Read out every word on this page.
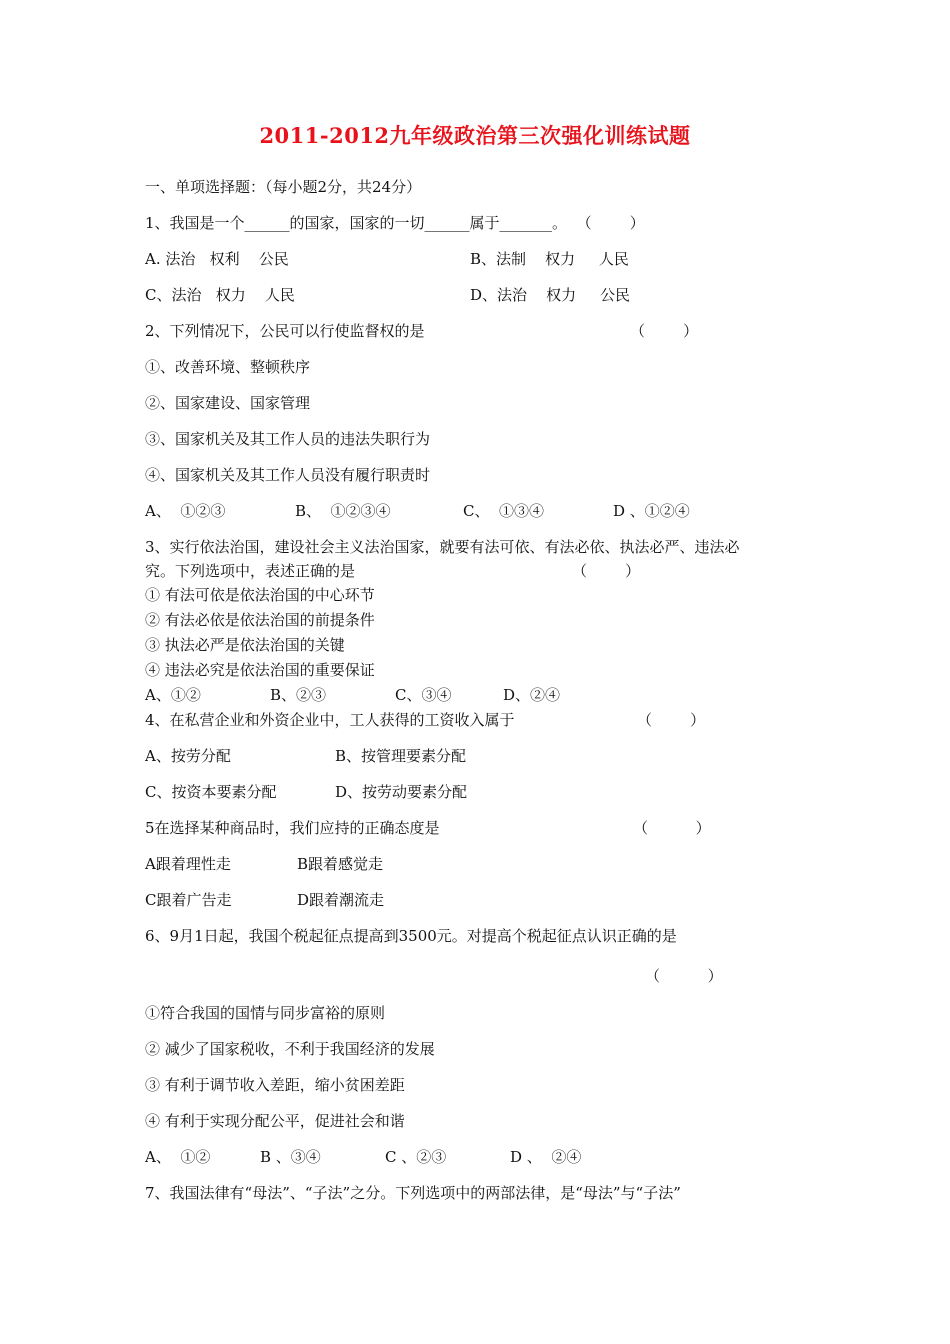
2011-2012九年级政治第三次强化训练试题
一、单项选择题：（每小题2分，共24分）
1、我国是一个______的国家，国家的一切______属于_______。  （        ）
A. 法治   权利    公民	B、法制    权力     人民
C、法治   权力    人民	D、法治    权力     公民
2、下列情况下，公民可以行使监督权的是	（        ）
①、改善环境、整顿秩序
②、国家建设、国家管理
③、国家机关及其工作人员的违法失职行为
④、国家机关及其工作人员没有履行职责时
A、  ①②③	B、  ①②③④	C、  ①③④	D 、①②④
3、实行依法治国，建设社会主义法治国家，就要有法可依、有法必依、执法必严、违法必
究。下列选项中，表述正确的是	（        ）
① 有法可依是依法治国的中心环节
② 有法必依是依法治国的前提条件
③ 执法必严是依法治国的关键
④ 违法必究是依法治国的重要保证
A、①②	B、②③	C、③④	D、②④
4、在私营企业和外资企业中，工人获得的工资收入属于	（        ）
A、按劳分配	B、按管理要素分配
C、按资本要素分配	D、按劳动要素分配
5在选择某种商品时，我们应持的正确态度是	（          ）
A跟着理性走	B跟着感觉走
C跟着广告走	D跟着潮流走
6、9月1日起，我国个税起征点提高到3500元。对提高个税起征点认识正确的是
（          ）
①符合我国的国情与同步富裕的原则
② 减少了国家税收，不利于我国经济的发展
③ 有利于调节收入差距，缩小贫困差距
④ 有利于实现分配公平，促进社会和谐
A、  ①②	B 、③④	C 、②③	D 、  ②④
7、我国法律有“母法”、“子法”之分。下列选项中的两部法律，是“母法”与“子法”
